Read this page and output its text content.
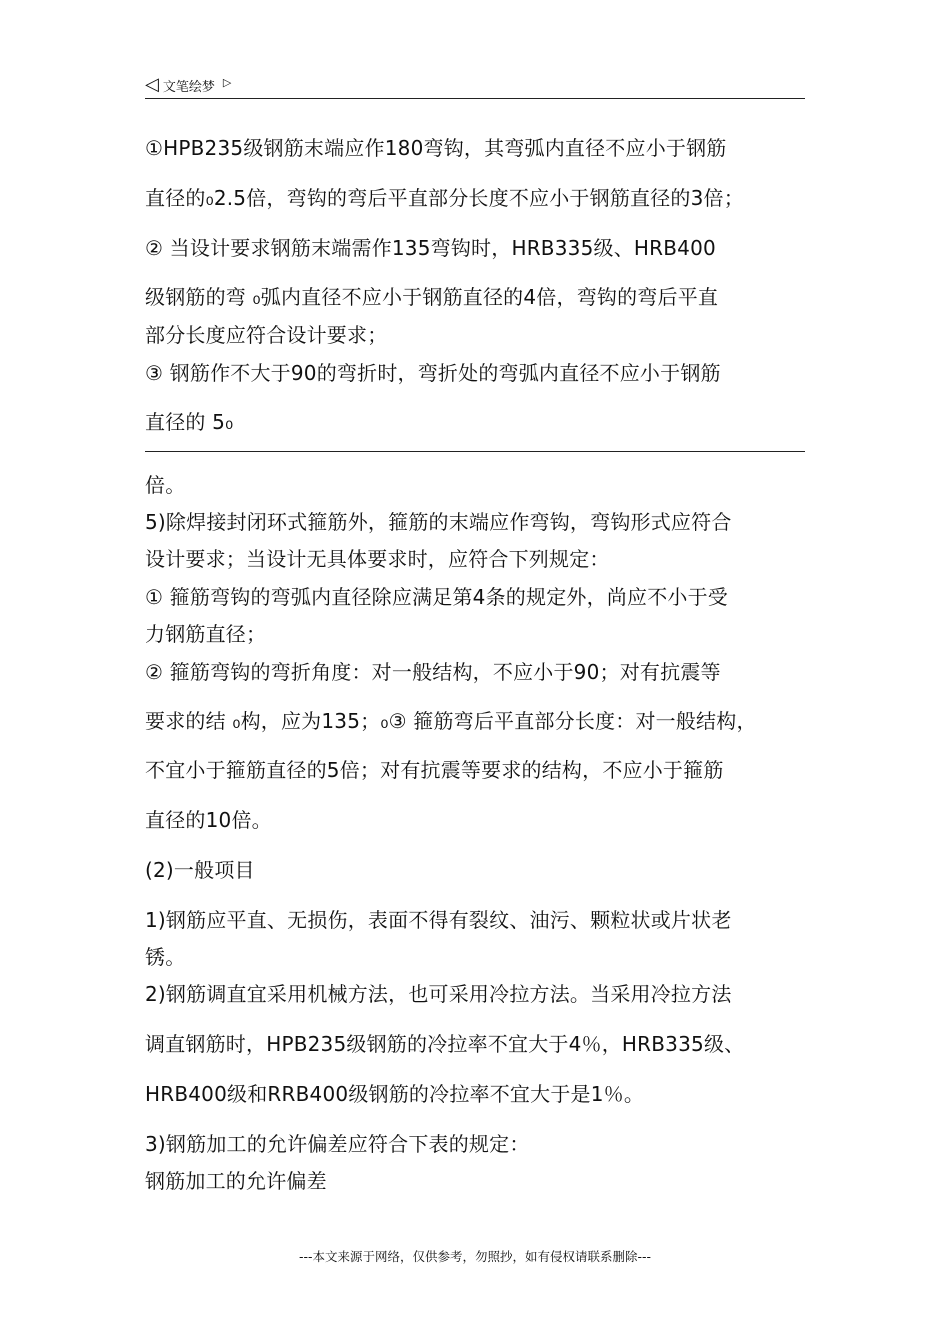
◁ 文笔绘梦 ▷
①HPB235级钢筋末端应作180弯钩，其弯弧内直径不应小于钢筋
直径的₀2.5倍，弯钩的弯后平直部分长度不应小于钢筋直径的3倍；
② 当设计要求钢筋末端需作135弯钩时，HRB335级、HRB400
级钢筋的弯 ₀弧内直径不应小于钢筋直径的4倍，弯钩的弯后平直
部分长度应符合设计要求；
③ 钢筋作不大于90的弯折时，弯折处的弯弧内直径不应小于钢筋
直径的 5₀
倍。
5)除焊接封闭环式箍筋外，箍筋的末端应作弯钩，弯钩形式应符合
设计要求；当设计无具体要求时，应符合下列规定：
① 箍筋弯钩的弯弧内直径除应满足第4条的规定外，尚应不小于受
力钢筋直径；
② 箍筋弯钩的弯折角度：对一般结构，不应小于90；对有抗震等
要求的结 ₀构，应为135；₀③ 箍筋弯后平直部分长度：对一般结构，
不宜小于箍筋直径的5倍；对有抗震等要求的结构，不应小于箍筋
直径的10倍。
(2)一般项目
1)钢筋应平直、无损伤，表面不得有裂纹、油污、颗粒状或片状老
锈。
2)钢筋调直宜采用机械方法，也可采用冷拉方法。当采用冷拉方法
调直钢筋时，HPB235级钢筋的冷拉率不宜大于4％，HRB335级、
HRB400级和RRB400级钢筋的冷拉率不宜大于是1％。
3)钢筋加工的允许偏差应符合下表的规定：
钢筋加工的允许偏差
---本文来源于网络，仅供参考，勿照抄，如有侵权请联系删除---
